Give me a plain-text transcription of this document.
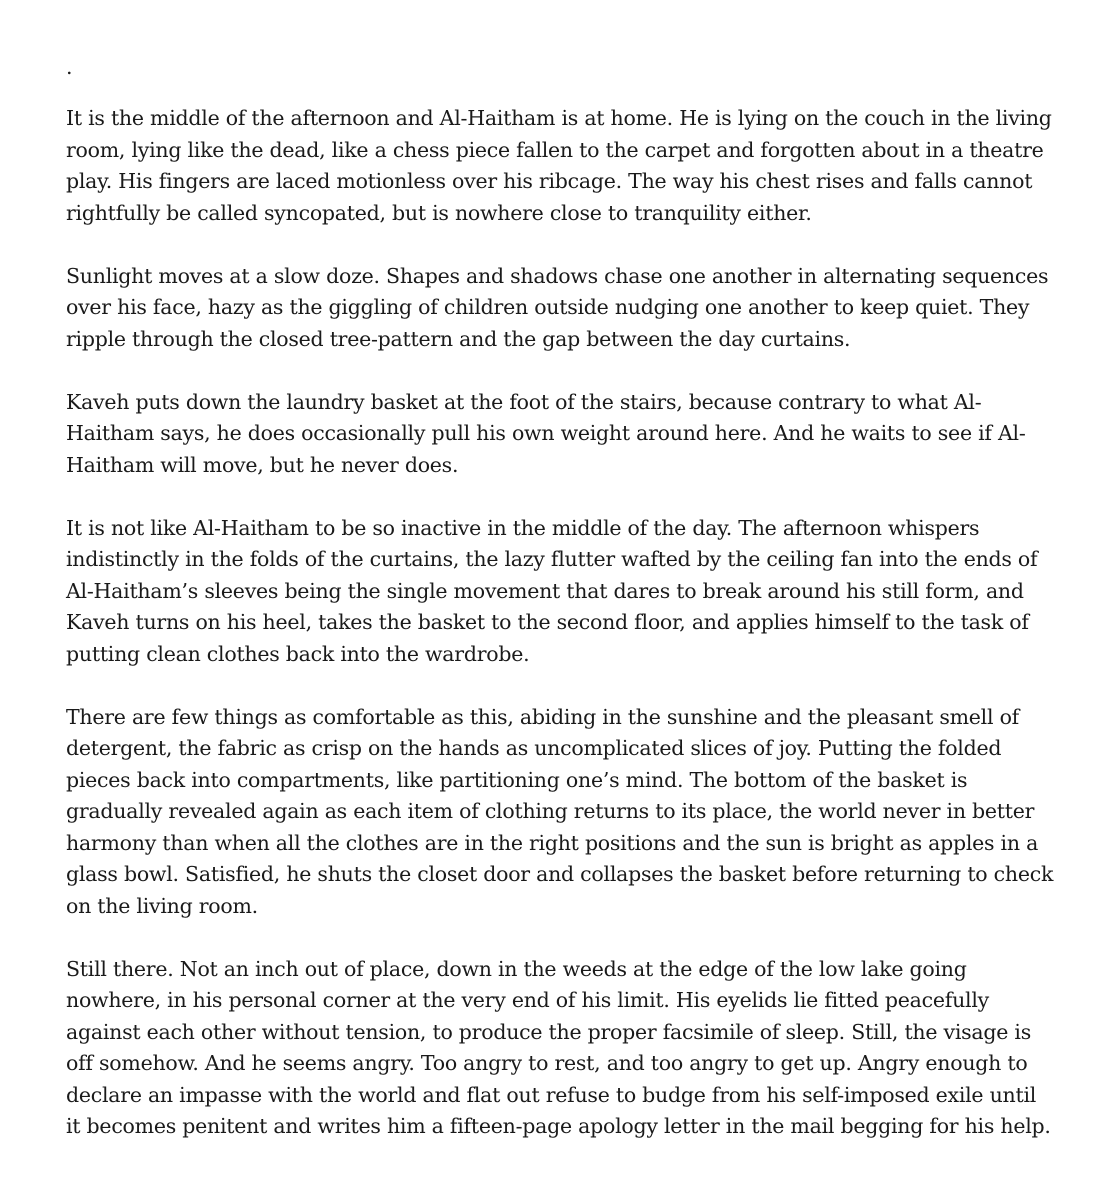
.

It is the middle of the afternoon and Al-Haitham is at home. He is lying on the couch in the living room, lying like the dead, like a chess piece fallen to the carpet and forgotten about in a theatre play. His fingers are laced motionless over his ribcage. The way his chest rises and falls cannot rightfully be called syncopated, but is nowhere close to tranquility either.

Sunlight moves at a slow doze. Shapes and shadows chase one another in alternating sequences over his face, hazy as the giggling of children outside nudging one another to keep quiet. They ripple through the closed tree-pattern and the gap between the day curtains.

Kaveh puts down the laundry basket at the foot of the stairs, because contrary to what Al-Haitham says, he does occasionally pull his own weight around here. And he waits to see if Al-Haitham will move, but he never does.

It is not like Al-Haitham to be so inactive in the middle of the day. The afternoon whispers indistinctly in the folds of the curtains, the lazy flutter wafted by the ceiling fan into the ends of Al-Haitham’s sleeves being the single movement that dares to break around his still form, and Kaveh turns on his heel, takes the basket to the second floor, and applies himself to the task of putting clean clothes back into the wardrobe.

There are few things as comfortable as this, abiding in the sunshine and the pleasant smell of detergent, the fabric as crisp on the hands as uncomplicated slices of joy. Putting the folded pieces back into compartments, like partitioning one’s mind. The bottom of the basket is gradually revealed again as each item of clothing returns to its place, the world never in better harmony than when all the clothes are in the right positions and the sun is bright as apples in a glass bowl. Satisfied, he shuts the closet door and collapses the basket before returning to check on the living room.

Still there. Not an inch out of place, down in the weeds at the edge of the low lake going nowhere, in his personal corner at the very end of his limit. His eyelids lie fitted peacefully against each other without tension, to produce the proper facsimile of sleep. Still, the visage is off somehow. And he seems angry. Too angry to rest, and too angry to get up. Angry enough to declare an impasse with the world and flat out refuse to budge from his self-imposed exile until it becomes penitent and writes him a fifteen-page apology letter in the mail begging for his help.
